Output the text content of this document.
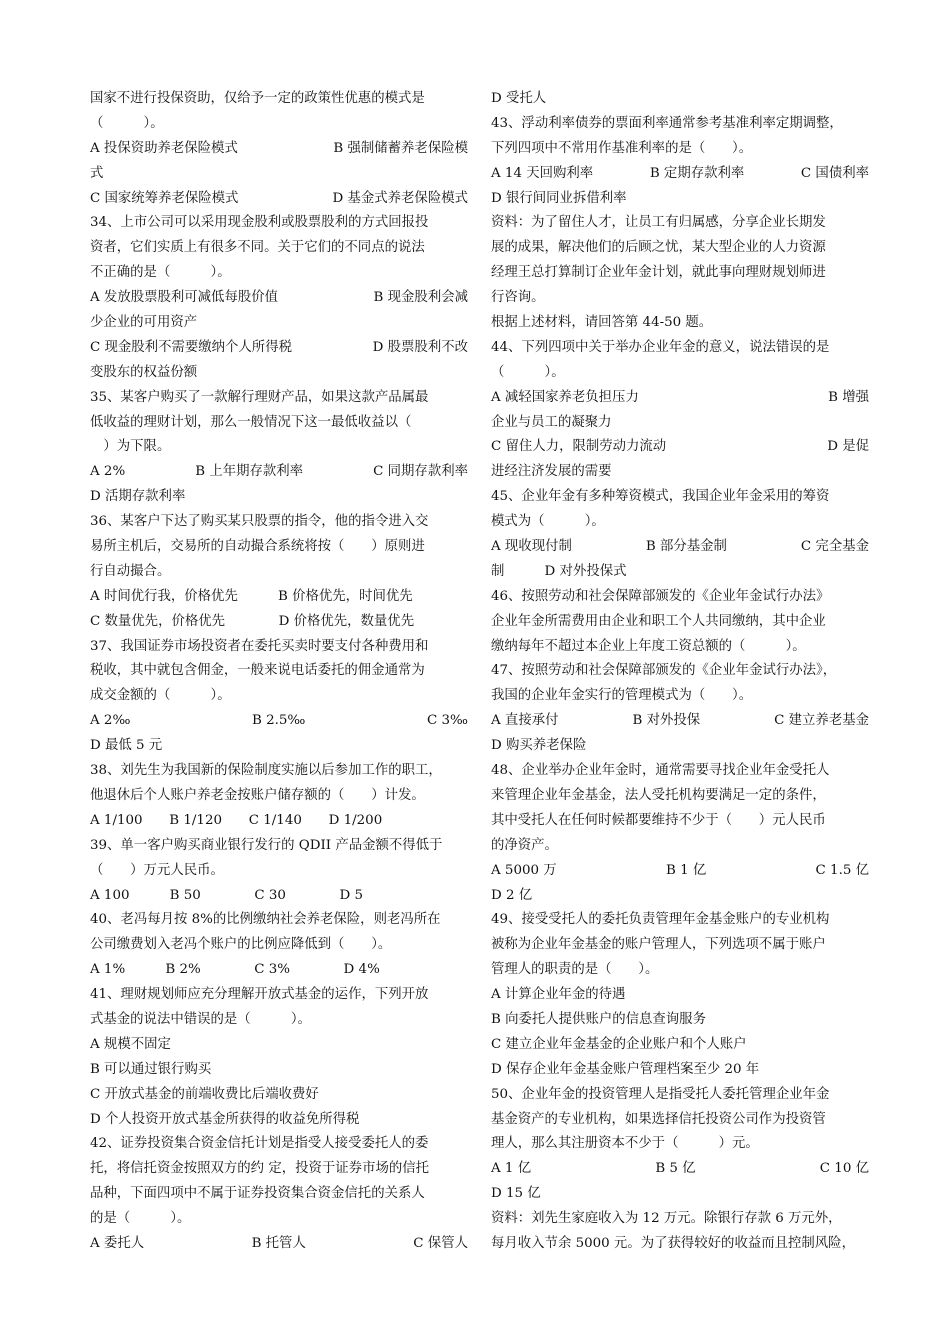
国家不进行投保资助，仅给予一定的政策性优惠的模式是
（　　　）。
A 投保资助养老保险模式	B 强制储蓄养老保险模
式
C 国家统筹养老保险模式	D 基金式养老保险模式
34、上市公司可以采用现金股利或股票股利的方式回报投
资者，它们实质上有很多不同。关于它们的不同点的说法
不正确的是（　　　）。
A 发放股票股利可减低每股价值	B 现金股利会减
少企业的可用资产
C 现金股利不需要缴纳个人所得税	D 股票股利不改
变股东的权益份额
35、某客户购买了一款解行理财产品，如果这款产品属最
低收益的理财计划，那么一般情况下这一最低收益以（
　）为下限。
A 2%	B 上年期存款利率	C 同期存款利率
D 活期存款利率
36、某客户下达了购买某只股票的指令，他的指令进入交
易所主机后，交易所的自动撮合系统将按（　　）原则进
行自动撮合。
A 时间优行我，价格优先　　　B 价格优先，时间优先
C 数量优先，价格优先　　　　D 价格优先，数量优先
37、我国证券市场投资者在委托买卖时要支付各种费用和
税收，其中就包含佣金，一般来说电话委托的佣金通常为
成交金额的（　　　）。
A 2‰	B 2.5‰	C 3‰
D 最低 5 元
38、刘先生为我国新的保险制度实施以后参加工作的职工，
他退休后个人账户养老金按账户储存额的（　　）计发。
A 1/100　　B 1/120　　C 1/140　　D 1/200
39、单一客户购买商业银行发行的 QDII 产品金额不得低于
（　　）万元人民币。
A 100　　　B 50　　　　C 30　　　　D 5
40、老冯每月按 8%的比例缴纳社会养老保险，则老冯所在
公司缴费划入老冯个账户的比例应降低到（　　）。
A 1%　　　B 2%　　　　C 3%　　　　D 4%
41、理财规划师应充分理解开放式基金的运作，下列开放
式基金的说法中错误的是（　　　）。
A 规模不固定
B 可以通过银行购买
C 开放式基金的前端收费比后端收费好
D 个人投资开放式基金所获得的收益免所得税
42、证券投资集合资金信托计划是指受人接受委托人的委
托，将信托资金按照双方的约 定，投资于证券市场的信托
品种，下面四项中不属于证券投资集合资金信托的关系人
的是（　　　）。
A 委托人	B 托管人	C 保管人
D 受托人
43、浮动利率债券的票面利率通常参考基准利率定期调整，
下列四项中不常用作基准利率的是（　　）。
A 14 天回购利率	B 定期存款利率	C 国债利率
D 银行间同业拆借利率
资料：为了留住人才，让员工有归属感，分享企业长期发
展的成果，解决他们的后顾之忧，某大型企业的人力资源
经理王总打算制订企业年金计划，就此事向理财规划师进
行咨询。
根据上述材料，请回答第 44-50 题。
44、下列四项中关于举办企业年金的意义，说法错误的是
（　　　）。
A 减轻国家养老负担压力	B 增强
企业与员工的凝聚力
C 留住人力，限制劳动力流动	D 是促
进经注济发展的需要
45、企业年金有多种筹资模式，我国企业年金采用的筹资
模式为（　　　）。
A 现收现付制	B 部分基金制	C 完全基金
制　　　D 对外投保式
46、按照劳动和社会保障部颁发的《企业年金试行办法》
企业年金所需费用由企业和职工个人共同缴纳，其中企业
缴纳每年不超过本企业上年度工资总额的（　　　）。
47、按照劳动和社会保障部颁发的《企业年金试行办法》，
我国的企业年金实行的管理模式为（　　）。
A 直接承付	B 对外投保	C 建立养老基金
D 购买养老保险
48、企业举办企业年金时，通常需要寻找企业年金受托人
来管理企业年金基金，法人受托机构要满足一定的条件，
其中受托人在任何时候都要维持不少于（　　）元人民币
的净资产。
A 5000 万	B 1 亿	C 1.5 亿
D 2 亿
49、接受受托人的委托负责管理年金基金账户的专业机构
被称为企业年金基金的账户管理人，下列选项不属于账户
管理人的职责的是（　　）。
A 计算企业年金的待遇
B 向委托人提供账户的信息查询服务
C 建立企业年金基金的企业账户和个人账户
D 保存企业年金基金账户管理档案至少 20 年
50、企业年金的投资管理人是指受托人委托管理企业年金
基金资产的专业机构，如果选择信托投资公司作为投资管
理人，那么其注册资本不少于（　　　）元。
A 1 亿	B 5 亿	C 10 亿
D 15 亿
资料：刘先生家庭收入为 12 万元。除银行存款 6 万元外，
每月收入节余 5000 元。为了获得较好的收益而且控制风险，
